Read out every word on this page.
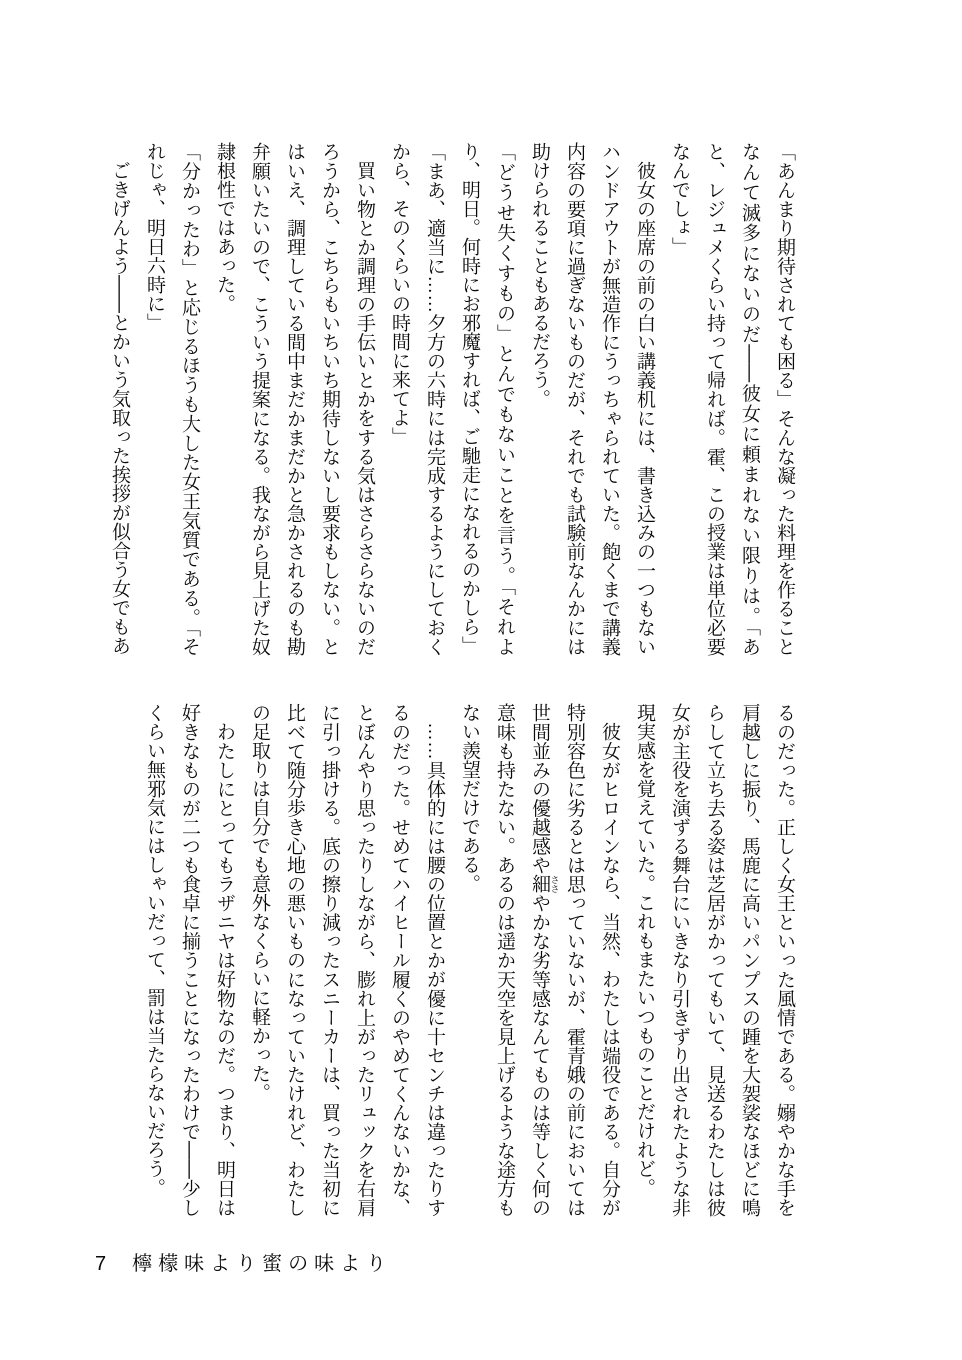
「あんまり期待されても困る」そんな凝った料理を作ることなんて滅多にないのだ——彼女に頼まれない限りは。「あと、レジュメくらい持って帰れば。霍、この授業は単位必要なんでしょ」

彼女の座席の前の白い講義机には、書き込みの一つもないハンドアウトが無造作にうっちゃられていた。飽くまで講義内容の要項に過ぎないものだが、それでも試験前なんかには助けられることもあるだろう。

「どうせ失くすもの」とんでもないことを言う。「それより、明日。何時にお邪魔すれば、ご馳走になれるのかしら」

「まあ、適当に……夕方の六時には完成するようにしておくから、そのくらいの時間に来てよ」

買い物とか調理の手伝いとかをする気はさらさらないのだろうから、こちらもいちいち期待しないし要求もしない。とはいえ、調理している間中まだかまだかと急かされるのも勘弁願いたいので、こういう提案になる。我ながら見上げた奴隷根性ではあった。

「分かったわ」と応じるほうも大した女王気質である。「それじゃ、明日六時に」

ごきげんよう——とかいう気取った挨拶が似合う女でもあ

るのだった。正しく女王といった風情である。嫋やかな手を肩越しに振り、馬鹿に高いパンプスの踵を大袈裟なほどに鳴らして立ち去る姿は芝居がかってもいて、見送るわたしは彼女が主役を演ずる舞台にいきなり引きずり出されたような非現実感を覚えていた。これもまたいつものことだけれど。

彼女がヒロインなら、当然、わたしは端役である。自分が特別容色に劣るとは思っていないが、霍青娥の前においては世間並みの優越感や細 ささやかな劣等感なんてものは等しく何の意味も持たない。あるのは遥か天空を見上げるような途方もない羨望だけである。

……具体的には腰の位置とかが優に十センチは違ったりするのだった。せめてハイヒール履くのやめてくんないかな、とぼんやり思ったりしながら、膨れ上がったリュックを右肩に引っ掛ける。底の擦り減ったスニーカーは、買った当初に比べて随分歩き心地の悪いものになっていたけれど、わたしの足取りは自分でも意外なくらいに軽かった。

わたしにとってもラザニヤは好物なのだ。つまり、明日は好きなものが二つも食卓に揃うことになったわけで——少しくらい無邪気にはしゃいだって、罰は当たらないだろう。

7 檸檬味より蜜の味より
